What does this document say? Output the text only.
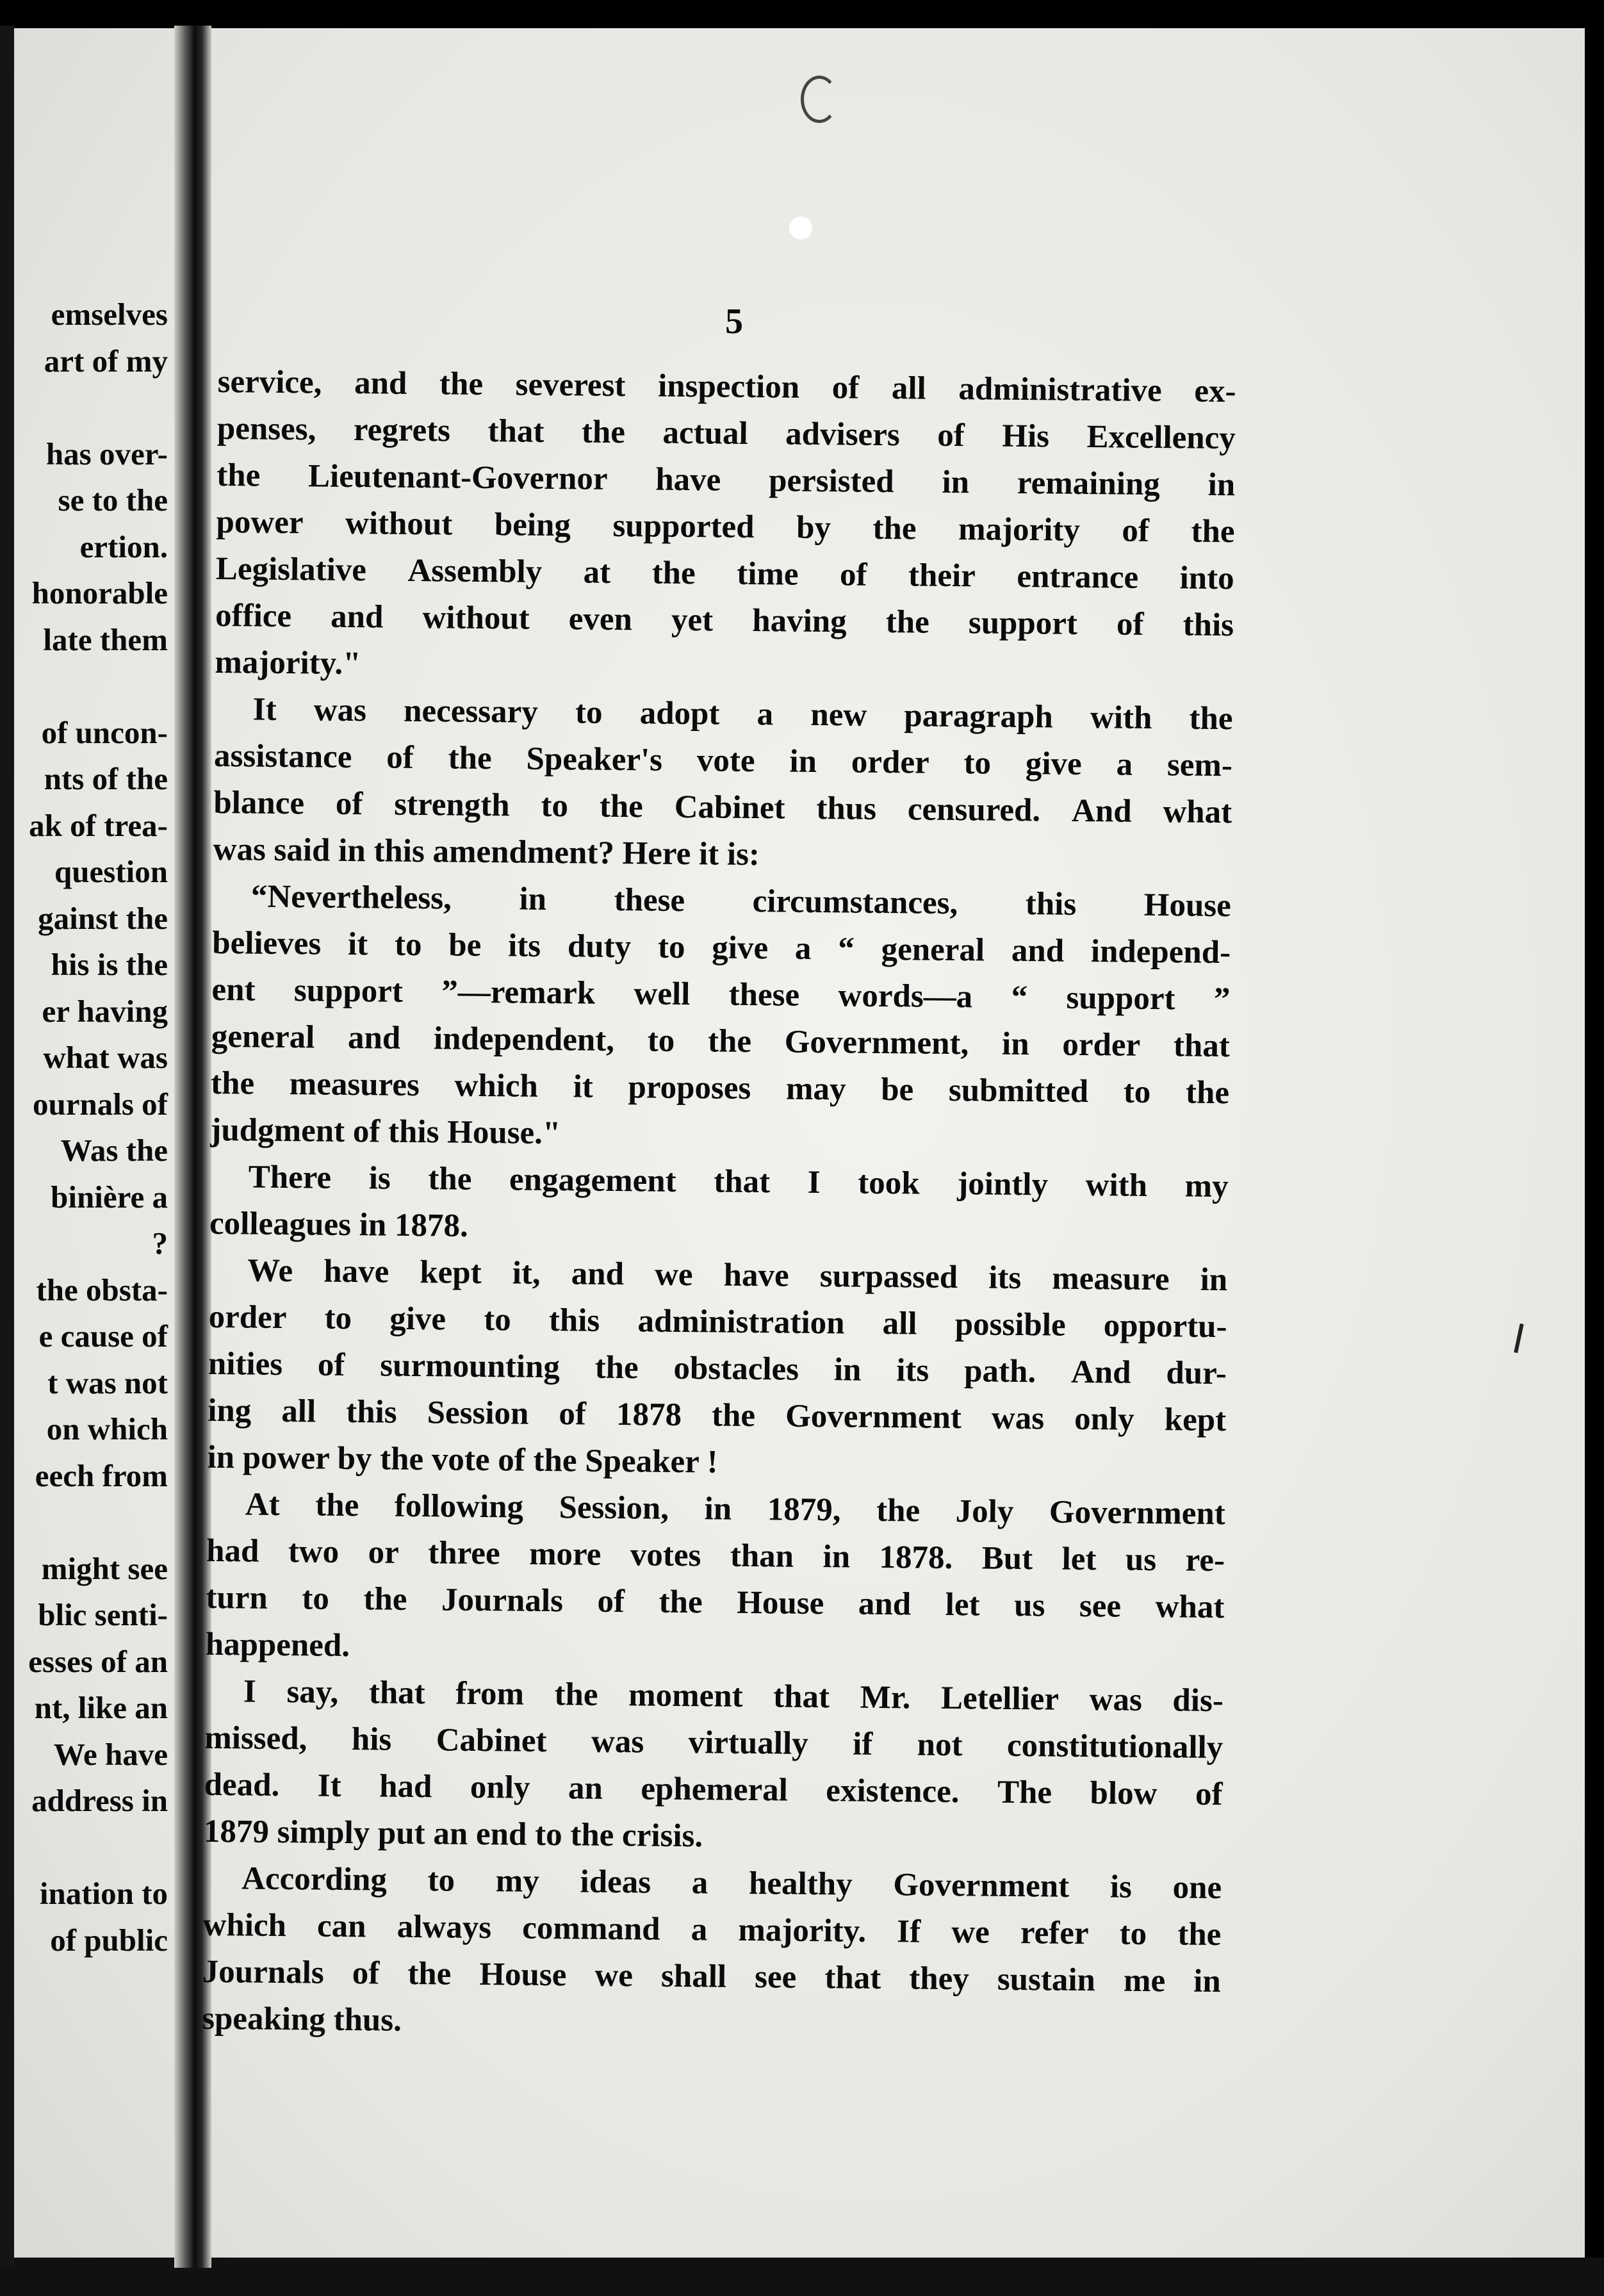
emselves
art of my
has over-
se to the
ertion.
honorable
late them
of uncon-
nts of the
ak of trea-
question
gainst the
his is the
er having
what was
ournals of
Was the
binière a
?
the obsta-
e cause of
t was not
on which
eech from
might see
blic senti-
esses of an
nt, like an
We have
address in
ination to
of public
5
service, and the severest inspection of all administrative ex-
penses, regrets that the actual advisers of His Excellency
the Lieutenant-Governor have persisted in remaining in
power without being supported by the majority of the
Legislative Assembly at the time of their entrance into
office and without even yet having the support of this
majority."
It was necessary to adopt a new paragraph with the
assistance of the Speaker's vote in order to give a sem-
blance of strength to the Cabinet thus censured. And what
was said in this amendment? Here it is:
“Nevertheless, in these circumstances, this House
believes it to be its duty to give a “ general and independ-
ent support ”—remark well these words—a “ support ”
general and independent, to the Government, in order that
the measures which it proposes may be submitted to the
judgment of this House."
There is the engagement that I took jointly with my
colleagues in 1878.
We have kept it, and we have surpassed its measure in
order to give to this administration all possible opportu-
nities of surmounting the obstacles in its path. And dur-
ing all this Session of 1878 the Government was only kept
in power by the vote of the Speaker !
At the following Session, in 1879, the Joly Government
had two or three more votes than in 1878. But let us re-
turn to the Journals of the House and let us see what
happened.
I say, that from the moment that Mr. Letellier was dis-
missed, his Cabinet was virtually if not constitutionally
dead. It had only an ephemeral existence. The blow of
1879 simply put an end to the crisis.
According to my ideas a healthy Government is one
which can always command a majority. If we refer to the
Journals of the House we shall see that they sustain me in
speaking thus.
